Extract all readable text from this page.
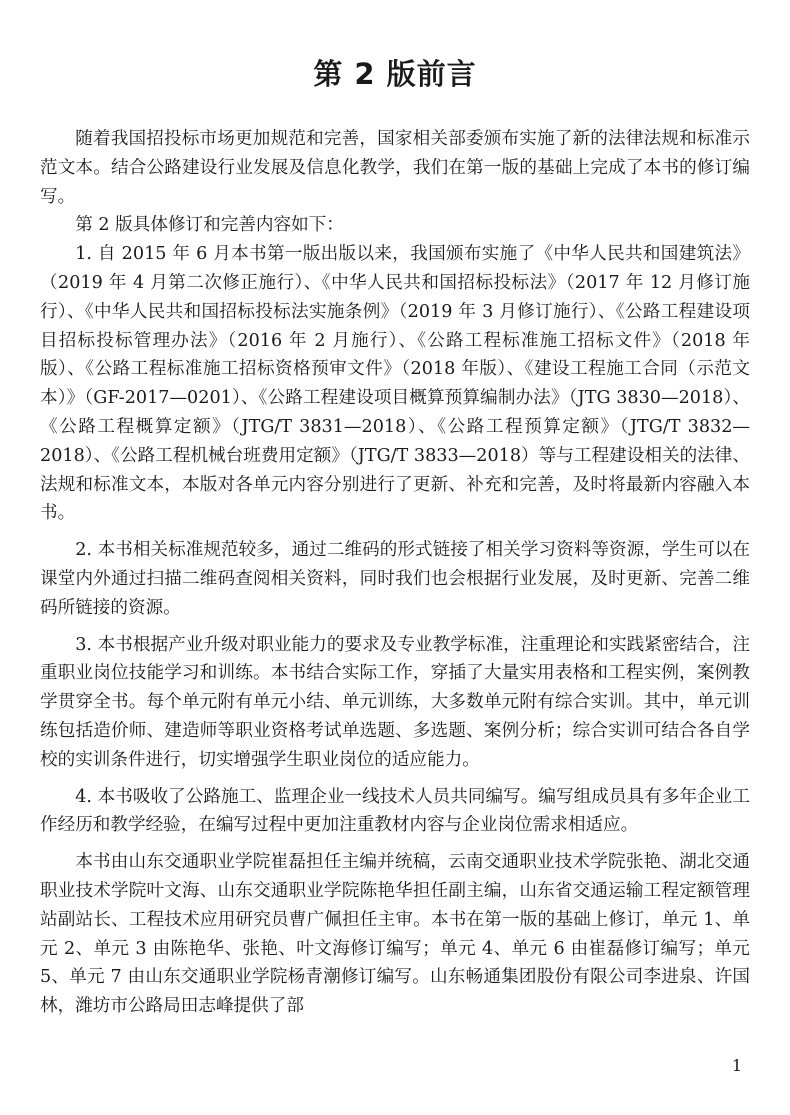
第 2 版前言

随着我国招投标市场更加规范和完善，国家相关部委颁布实施了新的法律法规和标准示范文本。结合公路建设行业发展及信息化教学，我们在第一版的基础上完成了本书的修订编写。

第 2 版具体修订和完善内容如下：

1. 自 2015 年 6 月本书第一版出版以来，我国颁布实施了《中华人民共和国建筑法》（2019 年 4 月第二次修正施行）、《中华人民共和国招标投标法》（2017 年 12 月修订施行）、《中华人民共和国招标投标法实施条例》（2019 年 3 月修订施行）、《公路工程建设项目招标投标管理办法》（2016 年 2 月施行）、《公路工程标准施工招标文件》（2018 年版）、《公路工程标准施工招标资格预审文件》（2018 年版）、《建设工程施工合同（示范文本）》（GF-2017—0201）、《公路工程建设项目概算预算编制办法》（JTG 3830—2018）、《公路工程概算定额》（JTG/T 3831—2018）、《公路工程预算定额》（JTG/T 3832—2018）、《公路工程机械台班费用定额》（JTG/T 3833—2018）等与工程建设相关的法律、法规和标准文本，本版对各单元内容分别进行了更新、补充和完善，及时将最新内容融入本书。

2. 本书相关标准规范较多，通过二维码的形式链接了相关学习资料等资源，学生可以在课堂内外通过扫描二维码查阅相关资料，同时我们也会根据行业发展，及时更新、完善二维码所链接的资源。

3. 本书根据产业升级对职业能力的要求及专业教学标准，注重理论和实践紧密结合，注重职业岗位技能学习和训练。本书结合实际工作，穿插了大量实用表格和工程实例，案例教学贯穿全书。每个单元附有单元小结、单元训练，大多数单元附有综合实训。其中，单元训练包括造价师、建造师等职业资格考试单选题、多选题、案例分析；综合实训可结合各自学校的实训条件进行，切实增强学生职业岗位的适应能力。

4. 本书吸收了公路施工、监理企业一线技术人员共同编写。编写组成员具有多年企业工作经历和教学经验，在编写过程中更加注重教材内容与企业岗位需求相适应。

本书由山东交通职业学院崔磊担任主编并统稿，云南交通职业技术学院张艳、湖北交通职业技术学院叶文海、山东交通职业学院陈艳华担任副主编，山东省交通运输工程定额管理站副站长、工程技术应用研究员曹广佩担任主审。本书在第一版的基础上修订，单元 1、单元 2、单元 3 由陈艳华、张艳、叶文海修订编写；单元 4、单元 6 由崔磊修订编写；单元 5、单元 7 由山东交通职业学院杨青潮修订编写。山东畅通集团股份有限公司李进泉、许国林，潍坊市公路局田志峰提供了部

1
